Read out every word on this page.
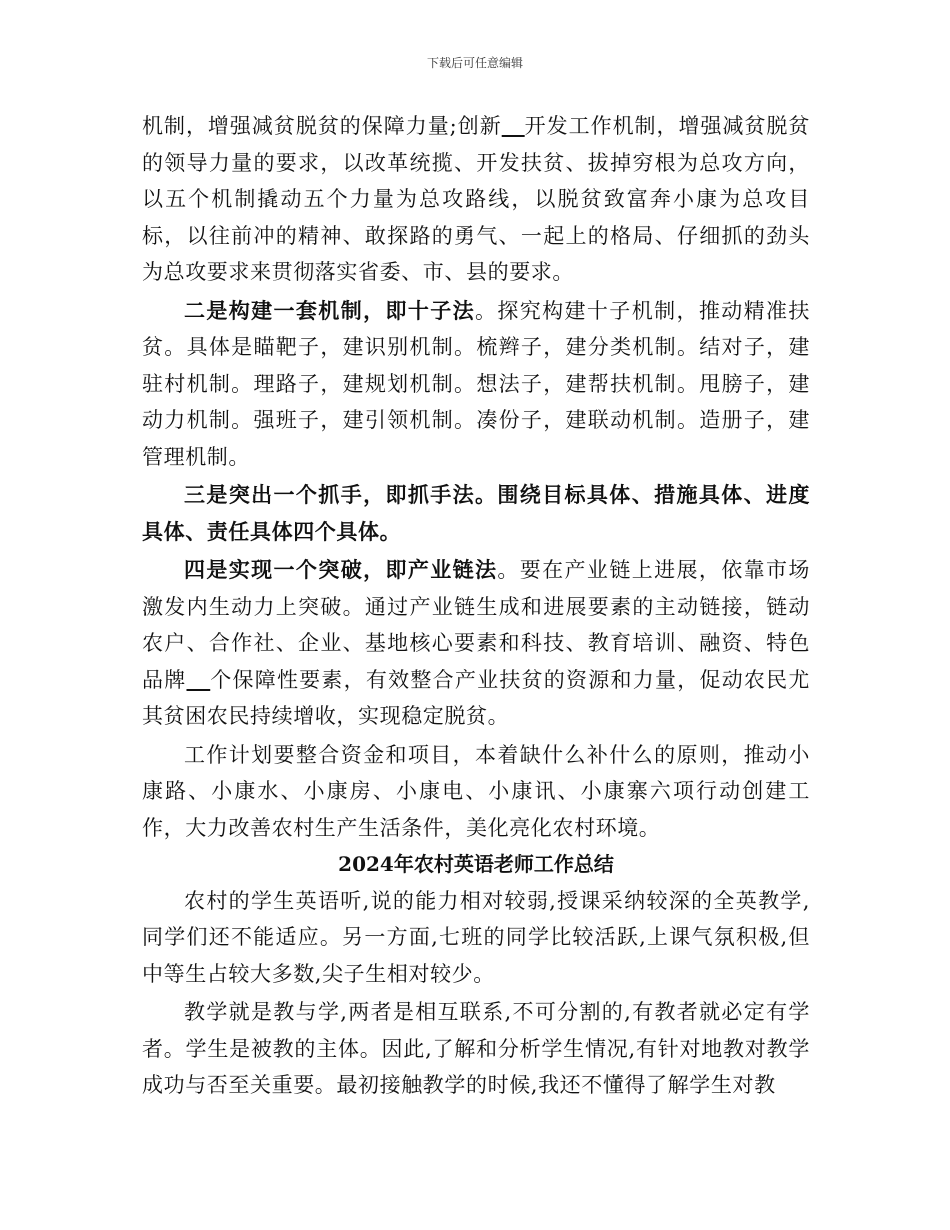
下载后可任意编辑

机制，增强减贫脱贫的保障力量;创新 开发工作机制，增强减贫脱贫的领导力量的要求，以改革统揽、开发扶贫、拔掉穷根为总攻方向，以五个机制撬动五个力量为总攻路线，以脱贫致富奔小康为总攻目标，以往前冲的精神、敢探路的勇气、一起上的格局、仔细抓的劲头为总攻要求来贯彻落实省委、市、县的要求。

二是构建一套机制，即十子法。探究构建十子机制，推动精准扶贫。具体是瞄靶子，建识别机制。梳辫子，建分类机制。结对子，建驻村机制。理路子，建规划机制。想法子，建帮扶机制。甩膀子，建动力机制。强班子，建引领机制。凑份子，建联动机制。造册子，建管理机制。

三是突出一个抓手，即抓手法。围绕目标具体、措施具体、进度具体、责任具体四个具体。

四是实现一个突破，即产业链法。要在产业链上进展，依靠市场激发内生动力上突破。通过产业链生成和进展要素的主动链接，链动农户、合作社、企业、基地核心要素和科技、教育培训、融资、特色品牌 个保障性要素，有效整合产业扶贫的资源和力量，促动农民尤其贫困农民持续增收，实现稳定脱贫。

工作计划要整合资金和项目，本着缺什么补什么的原则，推动小康路、小康水、小康房、小康电、小康讯、小康寨六项行动创建工作，大力改善农村生产生活条件，美化亮化农村环境。

2024年农村英语老师工作总结

农村的学生英语听,说的能力相对较弱,授课采纳较深的全英教学,同学们还不能适应。另一方面,七班的同学比较活跃,上课气氛积极,但中等生占较大多数,尖子生相对较少。

教学就是教与学,两者是相互联系,不可分割的,有教者就必定有学者。学生是被教的主体。因此,了解和分析学生情况,有针对地教对教学成功与否至关重要。最初接触教学的时候,我还不懂得了解学生对教
